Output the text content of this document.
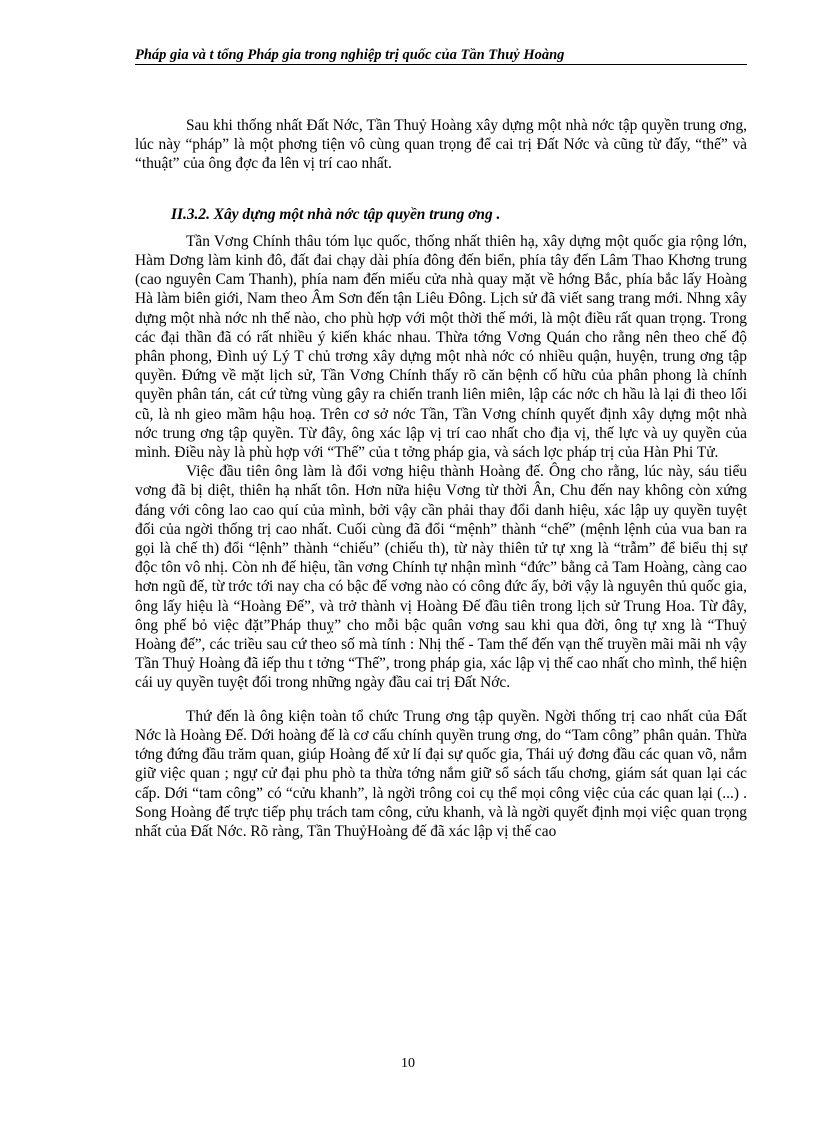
Pháp gia và t tổng Pháp gia trong nghiệp trị quốc của Tần Thuỷ Hoàng

Sau khi thống nhất Đất Nớc, Tần Thuỷ Hoàng xây dựng một nhà nớc tập quyền trung ơng, lúc này “pháp” là một phơng tiện vô cùng quan trọng để cai trị Đất Nớc và cũng từ đấy, “thế” và “thuật” của ông đợc đa lên vị trí cao nhất.

II.3.2. Xây dựng một nhà nớc tập quyền trung ơng .

Tần Vơng Chính thâu tóm lục quốc, thống nhất thiên hạ, xây dựng một quốc gia rộng lớn, Hàm Dơng làm kinh đô, đất đai chạy dài phía đông đến biển, phía tây đến Lâm Thao Khơng trung (cao nguyên Cam Thanh), phía nam đến miếu cửa nhà quay mặt về hớng Bắc, phía bắc lấy Hoàng Hà làm biên giới, Nam theo Âm Sơn đến tận Liêu Đông. Lịch sử đã viết sang trang mới. Nhng xây dựng một nhà nớc nh thế nào, cho phù hợp với một thời thế mới, là một điều rất quan trọng. Trong các đại thần đã có rất nhiều ý kiến khác nhau. Thừa tớng Vơng Quán cho rằng nên theo chế độ phân phong, Đình uý Lý T chủ trơng xây dựng một nhà nớc có nhiều quận, huyện, trung ơng tập quyền. Đứng về mặt lịch sử, Tần Vơng Chính thấy rõ căn bệnh cố hữu của phân phong là chính quyền phân tán, cát cứ từng vùng gây ra chiến tranh liên miên, lập các nớc ch hầu là lại đi theo lối cũ, là nh gieo mầm hậu hoạ. Trên cơ sở nớc Tần, Tần Vơng chính quyết định xây dựng một nhà nớc trung ơng tập quyền. Từ đây, ông xác lập vị trí cao nhất cho địa vị, thế lực và uy quyền của mình. Điều này là phù hợp với “Thế” của t tởng pháp gia, và sách lợc pháp trị của Hàn Phi Tử.

Việc đầu tiên ông làm là đổi vơng hiệu thành Hoàng đế. Ông cho rằng, lúc này, sáu tiểu vơng đã bị diệt, thiên hạ nhất tôn. Hơn nữa hiệu Vơng từ thời Ân, Chu đến nay không còn xứng đáng với công lao cao quí của mình, bởi vậy cần phải thay đổi danh hiệu, xác lập uy quyền tuyệt đối của ngời thống trị cao nhất. Cuối cùng đã đổi “mệnh” thành “chế” (mệnh lệnh của vua ban ra gọi là chế th) đổi “lệnh” thành “chiếu” (chiếu th), từ này thiên tử tự xng là “trẫm” để biểu thị sự độc tôn vô nhị. Còn nh đế hiệu, tần vơng Chính tự nhận mình “đức” bằng cả Tam Hoàng, càng cao hơn ngũ đế, từ trớc tới nay cha có bậc đế vơng nào có công đức ấy, bởi vậy là nguyên thủ quốc gia, ông lấy hiệu là “Hoàng Đế”, và trở thành vị Hoàng Đế đầu tiên trong lịch sử Trung Hoa. Từ đây, ông phế bỏ việc đặt”Pháp thuỵ” cho mỗi bậc quân vơng sau khi qua đời, ông tự xng là “Thuỷ Hoàng đế”, các triều sau cứ theo số mà tính : Nhị thế - Tam thế đến vạn thế truyền mãi mãi nh vậy Tần Thuỷ Hoàng đã iếp thu t tởng “Thế”, trong pháp gia, xác lập vị thế cao nhất cho mình, thể hiện cái uy quyền tuyệt đối trong những ngày đầu cai trị Đất Nớc.

Thứ đến là ông kiện toàn tổ chức Trung ơng tập quyền. Ngời thống trị cao nhất của Đất Nớc là Hoàng Đế. Dới hoàng đế là cơ cấu chính quyền trung ơng, do “Tam công” phân quản. Thừa tớng đứng đầu trăm quan, giúp Hoàng đế xử lí đại sự quốc gia, Thái uý đơng đầu các quan võ, nắm giữ việc quan ; ngự cử đại phu phò ta thừa tớng nắm giữ sổ sách tấu chơng, giám sát quan lại các cấp. Dới “tam công” có “cửu khanh”, là ngời trông coi cụ thể mọi công việc của các quan lại (...) . Song Hoàng đế trực tiếp phụ trách tam công, cửu khanh, và là ngời quyết định mọi việc quan trọng nhất của Đất Nớc. Rõ ràng, Tần ThuỷHoàng đế đã xác lập vị thế cao

10
